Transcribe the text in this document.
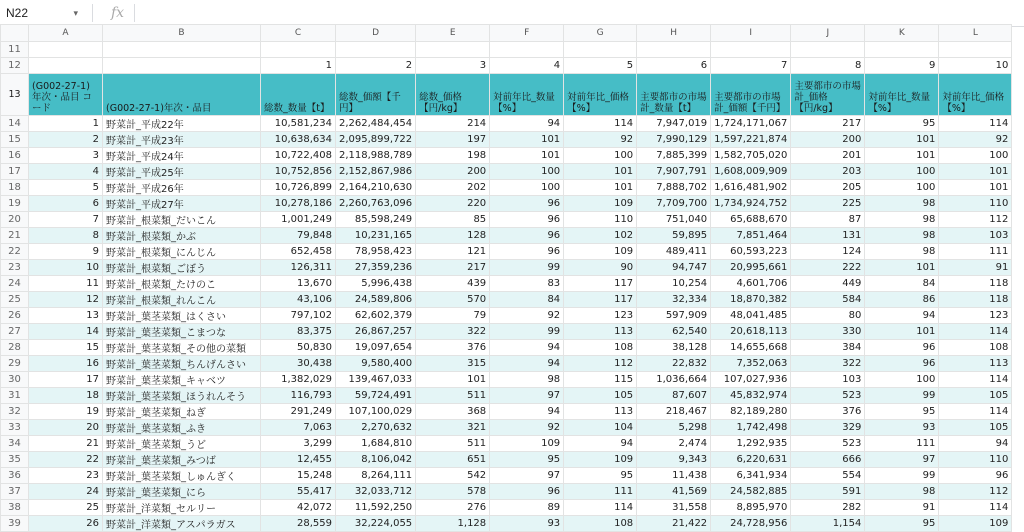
N22	▾ fx
	A	B	C	D	E	F	G	H	I	J	K	L
11												
12			1	2	3	4	5	6	7	8	9	10
13	(G002-27-1)年次・品目 コード	(G002-27-1)年次・品目	総数_数量【t】	総数_価額【千円】	総数_価格【円/kg】	対前年比_数量【%】	対前年比_価格【%】	主要都市の市場計_数量【t】	主要都市の市場計_価額【千円】	主要都市の市場計_価格【円/kg】	対前年比_数量【%】	対前年比_価格【%】
14	1	野菜計_平成22年	10,581,234	2,262,484,454	214	94	114	7,947,019	1,724,171,067	217	95	114
15	2	野菜計_平成23年	10,638,634	2,095,899,722	197	101	92	7,990,129	1,597,221,874	200	101	92
16	3	野菜計_平成24年	10,722,408	2,118,988,789	198	101	100	7,885,399	1,582,705,020	201	101	100
17	4	野菜計_平成25年	10,752,856	2,152,867,986	200	100	101	7,907,791	1,608,009,909	203	100	101
18	5	野菜計_平成26年	10,726,899	2,164,210,630	202	100	101	7,888,702	1,616,481,902	205	100	101
19	6	野菜計_平成27年	10,278,186	2,260,763,096	220	96	109	7,709,700	1,734,924,752	225	98	110
20	7	野菜計_根菜類_だいこん	1,001,249	85,598,249	85	96	110	751,040	65,688,670	87	98	112
21	8	野菜計_根菜類_かぶ	79,848	10,231,165	128	96	102	59,895	7,851,464	131	98	103
22	9	野菜計_根菜類_にんじん	652,458	78,958,423	121	96	109	489,411	60,593,223	124	98	111
23	10	野菜計_根菜類_ごぼう	126,311	27,359,236	217	99	90	94,747	20,995,661	222	101	91
24	11	野菜計_根菜類_たけのこ	13,670	5,996,438	439	83	117	10,254	4,601,706	449	84	118
25	12	野菜計_根菜類_れんこん	43,106	24,589,806	570	84	117	32,334	18,870,382	584	86	118
26	13	野菜計_葉茎菜類_はくさい	797,102	62,602,379	79	92	123	597,909	48,041,485	80	94	123
27	14	野菜計_葉茎菜類_こまつな	83,375	26,867,257	322	99	113	62,540	20,618,113	330	101	114
28	15	野菜計_葉茎菜類_その他の菜類	50,830	19,097,654	376	94	108	38,128	14,655,668	384	96	108
29	16	野菜計_葉茎菜類_ちんげんさい	30,438	9,580,400	315	94	112	22,832	7,352,063	322	96	113
30	17	野菜計_葉茎菜類_キャベツ	1,382,029	139,467,033	101	98	115	1,036,664	107,027,936	103	100	114
31	18	野菜計_葉茎菜類_ほうれんそう	116,793	59,724,491	511	97	105	87,607	45,832,974	523	99	105
32	19	野菜計_葉茎菜類_ねぎ	291,249	107,100,029	368	94	113	218,467	82,189,280	376	95	114
33	20	野菜計_葉茎菜類_ふき	7,063	2,270,632	321	92	104	5,298	1,742,498	329	93	105
34	21	野菜計_葉茎菜類_うど	3,299	1,684,810	511	109	94	2,474	1,292,935	523	111	94
35	22	野菜計_葉茎菜類_みつば	12,455	8,106,042	651	95	109	9,343	6,220,631	666	97	110
36	23	野菜計_葉茎菜類_しゅんぎく	15,248	8,264,111	542	97	95	11,438	6,341,934	554	99	96
37	24	野菜計_葉茎菜類_にら	55,417	32,033,712	578	96	111	41,569	24,582,885	591	98	112
38	25	野菜計_洋菜類_セルリー	42,072	11,592,250	276	89	114	31,558	8,895,970	282	91	114
39	26	野菜計_洋菜類_アスパラガス	28,559	32,224,055	1,128	93	108	21,422	24,728,956	1,154	95	109
